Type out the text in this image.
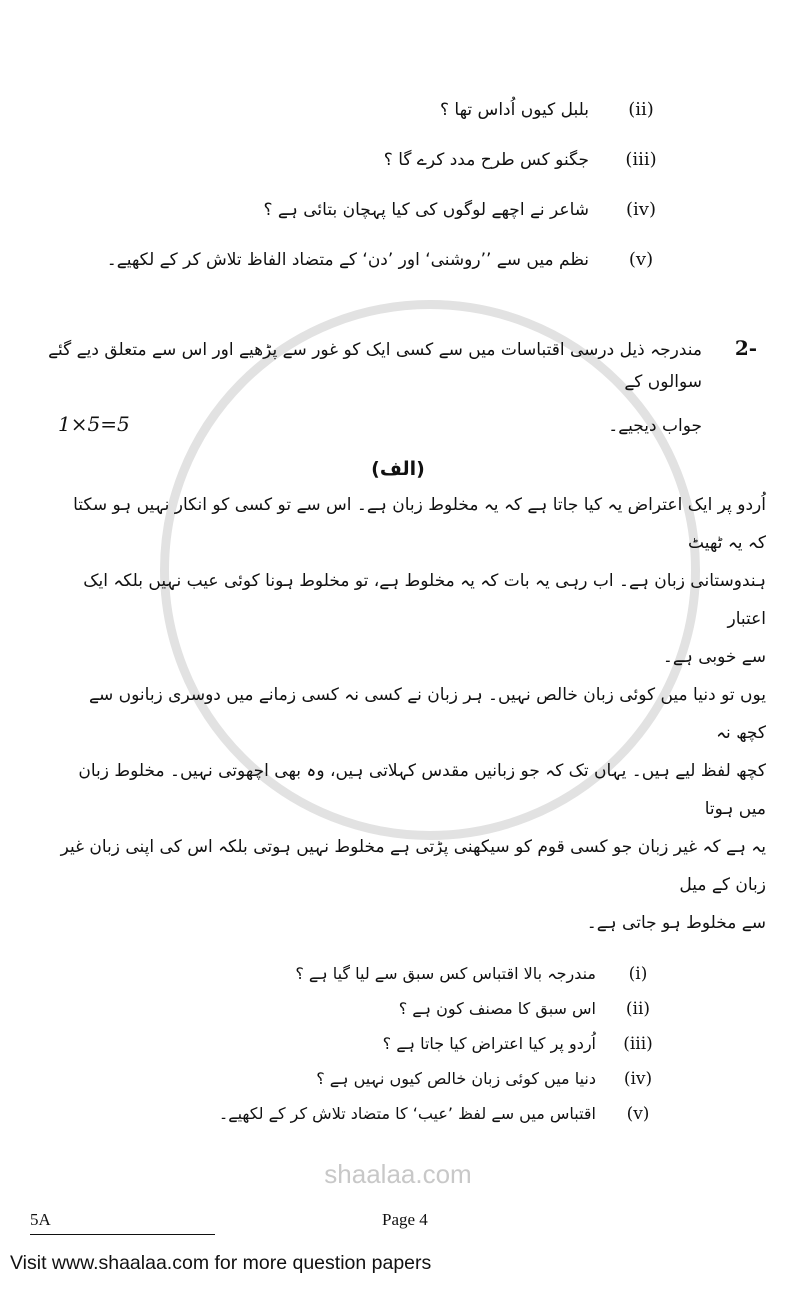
(ii)
بلبل کیوں اُداس تھا ؟
(iii)
جگنو کس طرح مدد کرے گا ؟
(iv)
شاعر نے اچھے لوگوں کی کیا پہچان بتائی ہے ؟
(v)
نظم میں سے ’’روشنی‘ اور ’دن‘ کے متضاد الفاظ تلاش کر کے لکھیے۔
2-
مندرجہ ذیل درسی اقتباسات میں سے کسی ایک کو غور سے پڑھیے اور اس سے متعلق دیے گئے سوالوں کے
1×5=5	جواب دیجیے۔
(الف)
اُردو پر ایک اعتراض یہ کیا جاتا ہے کہ یہ مخلوط زبان ہے۔ اس سے تو کسی کو انکار نہیں ہو سکتا کہ یہ ٹھیٹ
ہندوستانی زبان ہے۔ اب رہی یہ بات کہ یہ مخلوط ہے، تو مخلوط ہونا کوئی عیب نہیں بلکہ ایک اعتبار
سے خوبی ہے۔
یوں تو دنیا میں کوئی زبان خالص نہیں۔ ہر زبان نے کسی نہ کسی زمانے میں دوسری زبانوں سے کچھ نہ
کچھ لفظ لیے ہیں۔ یہاں تک کہ جو زبانیں مقدس کہلاتی ہیں، وہ بھی اچھوتی نہیں۔ مخلوط زبان میں ہوتا
یہ ہے کہ غیر زبان جو کسی قوم کو سیکھنی پڑتی ہے مخلوط نہیں ہوتی بلکہ اس کی اپنی زبان غیر زبان کے میل
سے مخلوط ہو جاتی ہے۔
(i)
مندرجہ بالا اقتباس کس سبق سے لیا گیا ہے ؟
(ii)
اس سبق کا مصنف کون ہے ؟
(iii)
اُردو پر کیا اعتراض کیا جاتا ہے ؟
(iv)
دنیا میں کوئی زبان خالص کیوں نہیں ہے ؟
(v)
اقتباس میں سے لفظ ’عیب‘ کا متضاد تلاش کر کے لکھیے۔
shaalaa.com
5A	Page 4
Visit www.shaalaa.com for more question papers
